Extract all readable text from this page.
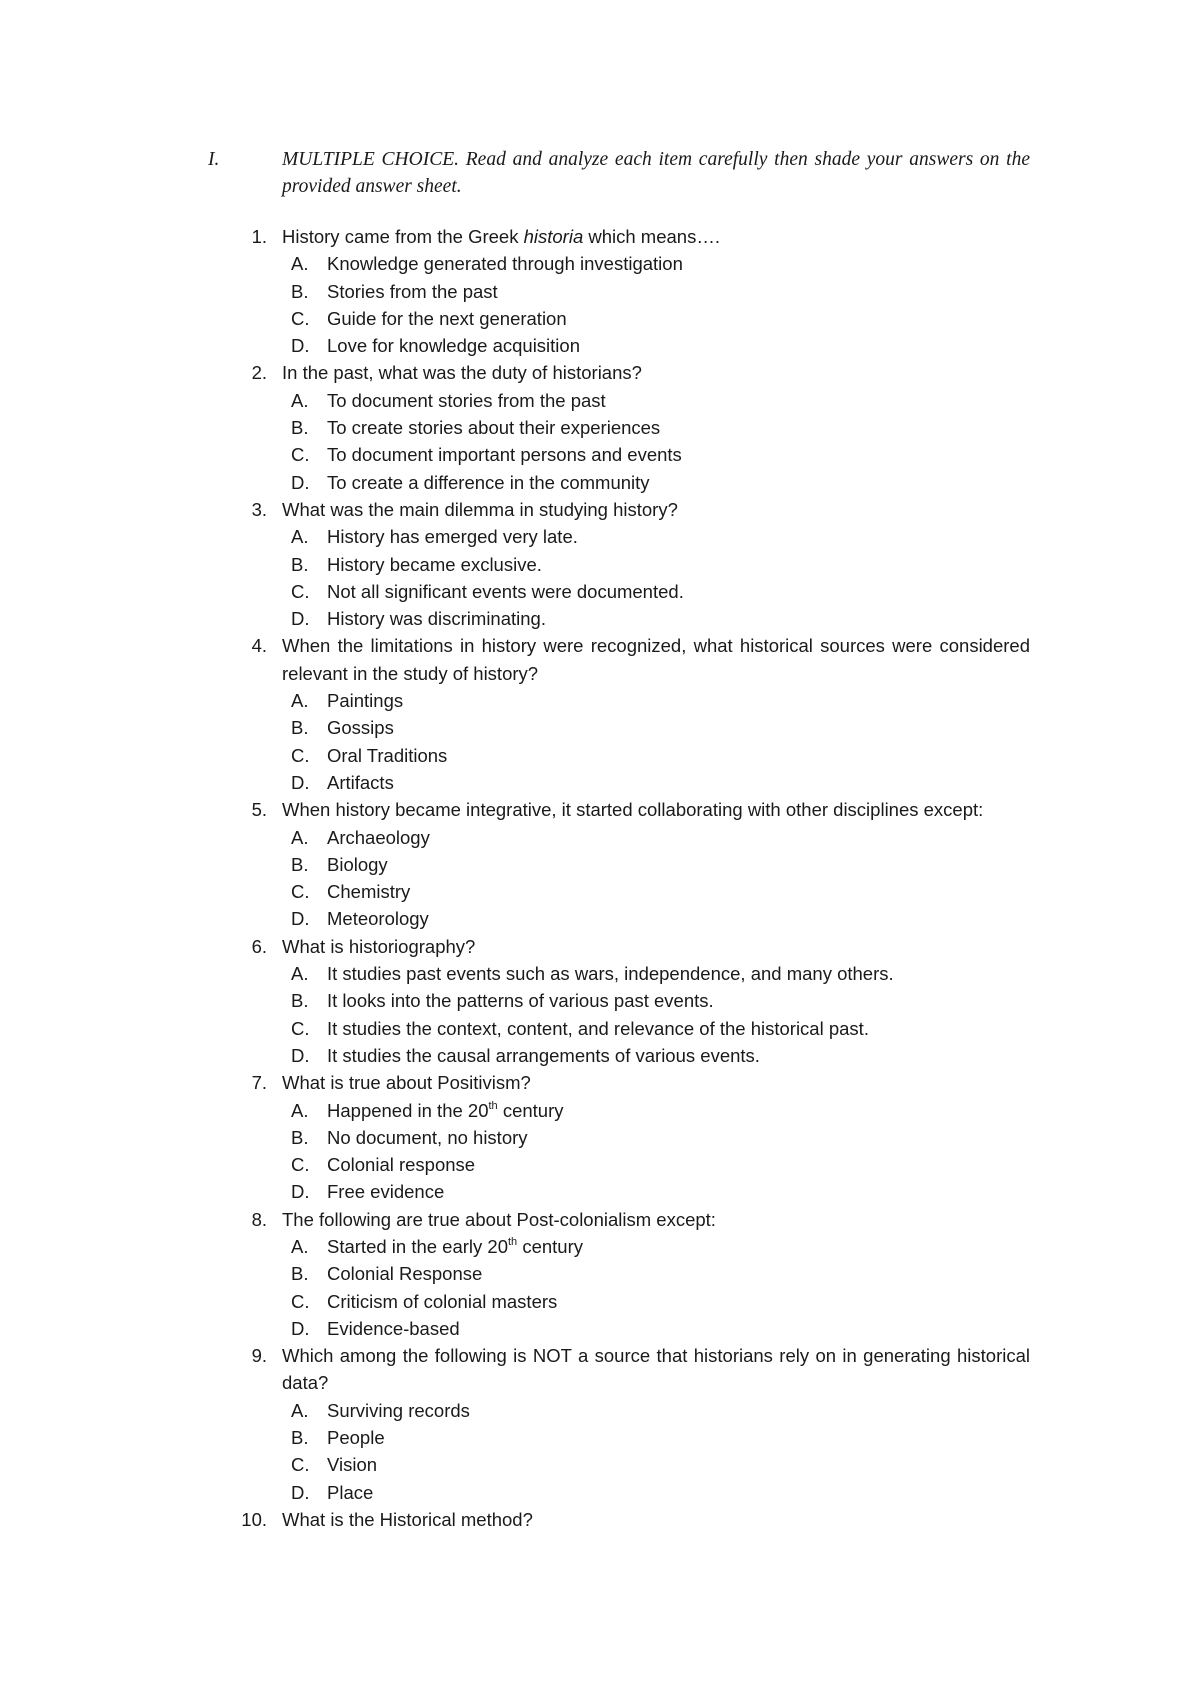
I.	MULTIPLE CHOICE. Read and analyze each item carefully then shade your answers on the provided answer sheet.
1. History came from the Greek historia which means….
A. Knowledge generated through investigation
B. Stories from the past
C. Guide for the next generation
D. Love for knowledge acquisition
2. In the past, what was the duty of historians?
A. To document stories from the past
B. To create stories about their experiences
C. To document important persons and events
D. To create a difference in the community
3. What was the main dilemma in studying history?
A. History has emerged very late.
B. History became exclusive.
C. Not all significant events were documented.
D. History was discriminating.
4. When the limitations in history were recognized, what historical sources were considered relevant in the study of history?
A. Paintings
B. Gossips
C. Oral Traditions
D. Artifacts
5. When history became integrative, it started collaborating with other disciplines except:
A. Archaeology
B. Biology
C. Chemistry
D. Meteorology
6. What is historiography?
A. It studies past events such as wars, independence, and many others.
B. It looks into the patterns of various past events.
C. It studies the context, content, and relevance of the historical past.
D. It studies the causal arrangements of various events.
7. What is true about Positivism?
A. Happened in the 20th century
B. No document, no history
C. Colonial response
D. Free evidence
8. The following are true about Post-colonialism except:
A. Started in the early 20th century
B. Colonial Response
C. Criticism of colonial masters
D. Evidence-based
9. Which among the following is NOT a source that historians rely on in generating historical data?
A. Surviving records
B. People
C. Vision
D. Place
10. What is the Historical method?
